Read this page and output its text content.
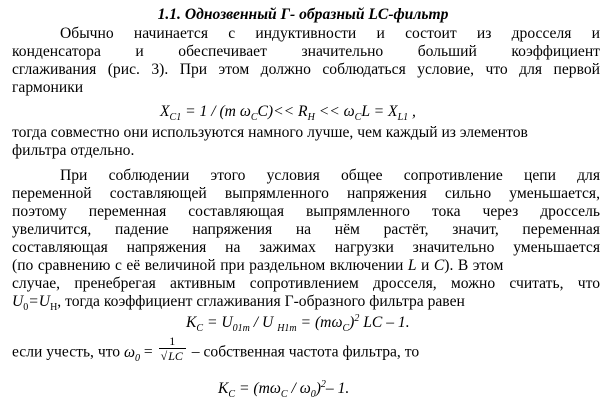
1.1. Однозвенный Г- образный LC-фильтр
Обычно начинается с индуктивности и состоит из дросселя и
конденсатора и обеспечивает значительно больший коэффициент
сглаживания (рис. 3). При этом должно соблюдаться условие, что для первой
гармоники
$X_{C1} = 1 / (m$ $\omega_CC)<< R_H << \omega_CL = X_{L1}$ ,
тогда совместно они используются намного лучше, чем каждый из элементов
фильтра отдельно.
При соблюдении этого условия общее сопротивление цепи для
переменной составляющей выпрямленного напряжения сильно уменьшается,
поэтому переменная составляющая выпрямленного тока через дроссель
увеличится, падение напряжения на нём растёт, значит, переменная
составляющая напряжения на зажимах нагрузки значительно уменьшается
(по сравнению с её величиной при раздельном включении L и C). В этом
случае, пренебрегая активным сопротивлением дросселя, можно считать, что
$U_0=U_H$, тогда коэффициент сглаживания Г-образного фильтра равен
$K_C = U_{01m} / U$ $_{H1m} = (m\omega_C)^2$ LC – 1.
если учесть, что $\omega_0 = \frac{1}{√LC}$ – собственная частота фильтра, то
$K_C = (m\omega_C / \omega_0)^2-$ 1.
